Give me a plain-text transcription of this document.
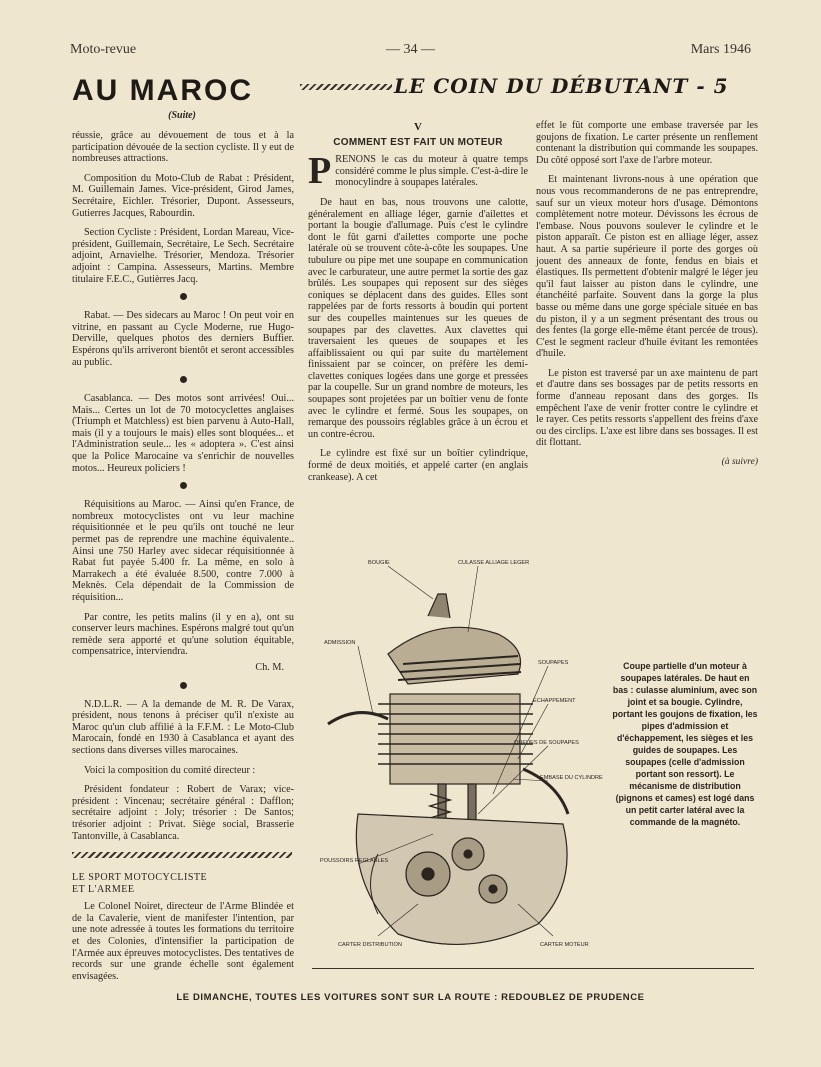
Moto-revue	— 34 —	Mars 1946
AU MAROC
(Suite)
LE COIN DU DÉBUTANT - 5

réussie, grâce au dévouement de tous et à la participation dévouée de la section cycliste. Il y eut de nombreuses attractions.

Composition du Moto-Club de Rabat : Président, M. Guillemain James. Vice-président, Girod James, Secrétaire, Eichler. Trésorier, Dupont. Assesseurs, Gutierres Jacques, Rabourdin.

Section Cycliste : Président, Lordan Mareau, Vice-président, Guillemain, Secrétaire, Le Sech. Secrétaire adjoint, Arnavielhe. Trésorier, Mendoza. Trésorier adjoint : Campina. Assesseurs, Martins. Membre titulaire F.E.C., Gutièrres Jacq.

Rabat. — Des sidecars au Maroc ! On peut voir en vitrine, en passant au Cycle Moderne, rue Hugo-Derville, quelques photos des derniers Buffier. Espérons qu'ils arriveront bientôt et seront accessibles au public.

Casablanca. — Des motos sont arrivées! Oui... Mais... Certes un lot de 70 motocyclettes anglaises (Triumph et Matchless) est bien parvenu à Auto-Hall, mais (il y a toujours le mais) elles sont bloquées... et l'Administration seule... les « adoptera ». C'est ainsi que la Police Marocaine va s'enrichir de nouvelles motos... Heureux policiers !

Réquisitions au Maroc. — Ainsi qu'en France, de nombreux motocyclistes ont vu leur machine réquisitionnée et le peu qu'ils ont touché ne leur permet pas de reprendre une machine équivalente.. Ainsi une 750 Harley avec sidecar réquisitionnée à Rabat fut payée 5.400 fr. La même, en solo à Marrakech a été évaluée 8.500, contre 7.000 à Meknès. Cela dépendait de la Commission de réquisition...

Par contre, les petits malins (il y en a), ont su conserver leurs machines. Espérons malgré tout qu'un remède sera apporté et qu'une solution équitable, compensatrice, interviendra.

Ch. M.

N.D.L.R. — A la demande de M. R. De Varax, président, nous tenons à préciser qu'il n'existe au Maroc qu'un club affilié à la F.F.M. : Le Moto-Club Marocain, fondé en 1930 à Casablanca et ayant des sections dans diverses villes marocaines.

Voici la composition du comité directeur :

Président fondateur : Robert de Varax; vice-président : Vincenau; secrétaire général : Dafflon; secrétaire adjoint : Joly; trésorier : De Santos; trésorier adjoint : Privat. Siège social, Brasserie Tantonville, à Casablanca.

LE SPORT MOTOCYCLISTE
ET L'ARMEE

Le Colonel Noiret, directeur de l'Arme Blindée et de la Cavalerie, vient de manifester l'intention, par une note adressée à toutes les formations du territoire et des Colonies, d'intensifier la participation de l'Armée aux épreuves motocyclistes. Des tentatives de records sur une grande échelle sont également envisagées.

V
COMMENT EST FAIT UN MOTEUR

PRENONS le cas du moteur à quatre temps considéré comme le plus simple. C'est-à-dire le monocylindre à soupapes latérales.

De haut en bas, nous trouvons une calotte, généralement en alliage léger, garnie d'ailettes et portant la bougie d'allumage. Puis c'est le cylindre dont le fût garni d'ailettes comporte une poche latérale où se trouvent côte-à-côte les soupapes. Une tubulure ou pipe met une soupape en communication avec le carburateur, une autre permet la sortie des gaz brûlés. Les soupapes qui reposent sur des sièges coniques se déplacent dans des guides. Elles sont rappelées par de forts ressorts à boudin qui portent sur des coupelles maintenues sur les queues de soupapes par des clavettes. Aux clavettes qui traversaient les queues de soupapes et les affaiblissaient ou qui par suite du martèlement finissaient par se coincer, on préfère les demi-clavettes coniques logées dans une gorge et pressées par la coupelle. Sur un grand nombre de moteurs, les soupapes sont projetées par un boîtier venu de fonte avec le cylindre et fermé. Sous les soupapes, on remarque des poussoirs réglables grâce à un écrou et un contre-écrou.

Le cylindre est fixé sur un boîtier cylindrique, formé de deux moitiés, et appelé carter (en anglais crankease). A cet

effet le fût comporte une embase traversée par les goujons de fixation. Le carter présente un renflement contenant la distribution qui commande les soupapes. Du côté opposé sort l'axe de l'arbre moteur.

Et maintenant livrons-nous à une opération que nous vous recommanderons de ne pas entreprendre, sauf sur un vieux moteur hors d'usage. Démontons complètement notre moteur. Dévissons les écrous de l'embase. Nous pouvons soulever le cylindre et le piston apparaît. Ce piston est en alliage léger, assez haut. A sa partie supérieure il porte des gorges où jouent des anneaux de fonte, fendus en biais et élastiques. Ils permettent d'obtenir malgré le léger jeu qu'il faut laisser au piston dans le cylindre, une étanchéité parfaite. Souvent dans la gorge la plus basse ou même dans une gorge spéciale située en bas du piston, il y a un segment présentant des trous ou des fentes (la gorge elle-même étant percée de trous). C'est le segment racleur d'huile évitant les remontées d'huile.

Le piston est traversé par un axe maintenu de part et d'autre dans ses bossages par de petits ressorts en forme d'anneau reposant dans des gorges. Ils empêchent l'axe de venir frotter contre le cylindre et le rayer. Ces petits ressorts s'appellent des freins d'axe ou des circlips. L'axe est libre dans ses bossages. Il est dit flottant.

(à suivre)
BOUGIE	CULASSE ALLIAGE LEGER
ADMISSION
SOUPAPES
ECHAPPEMENT
QUEUES DE SOUPAPES
EMBASE DU CYLINDRE
POUSSOIRS REGLABLES
CARTER DISTRIBUTION	CARTER MOTEUR
Coupe partielle d'un moteur à soupapes latérales. De haut en bas : culasse aluminium, avec son joint et sa bougie. Cylindre, portant les goujons de fixation, les pipes d'admission et d'échappement, les sièges et les guides de soupapes. Les soupapes (celle d'admission portant son ressort). Le mécanisme de distribution (pignons et cames) est logé dans un petit carter latéral avec la commande de la magnéto.
LE DIMANCHE, TOUTES LES VOITURES SONT SUR LA ROUTE : REDOUBLEZ DE PRUDENCE
